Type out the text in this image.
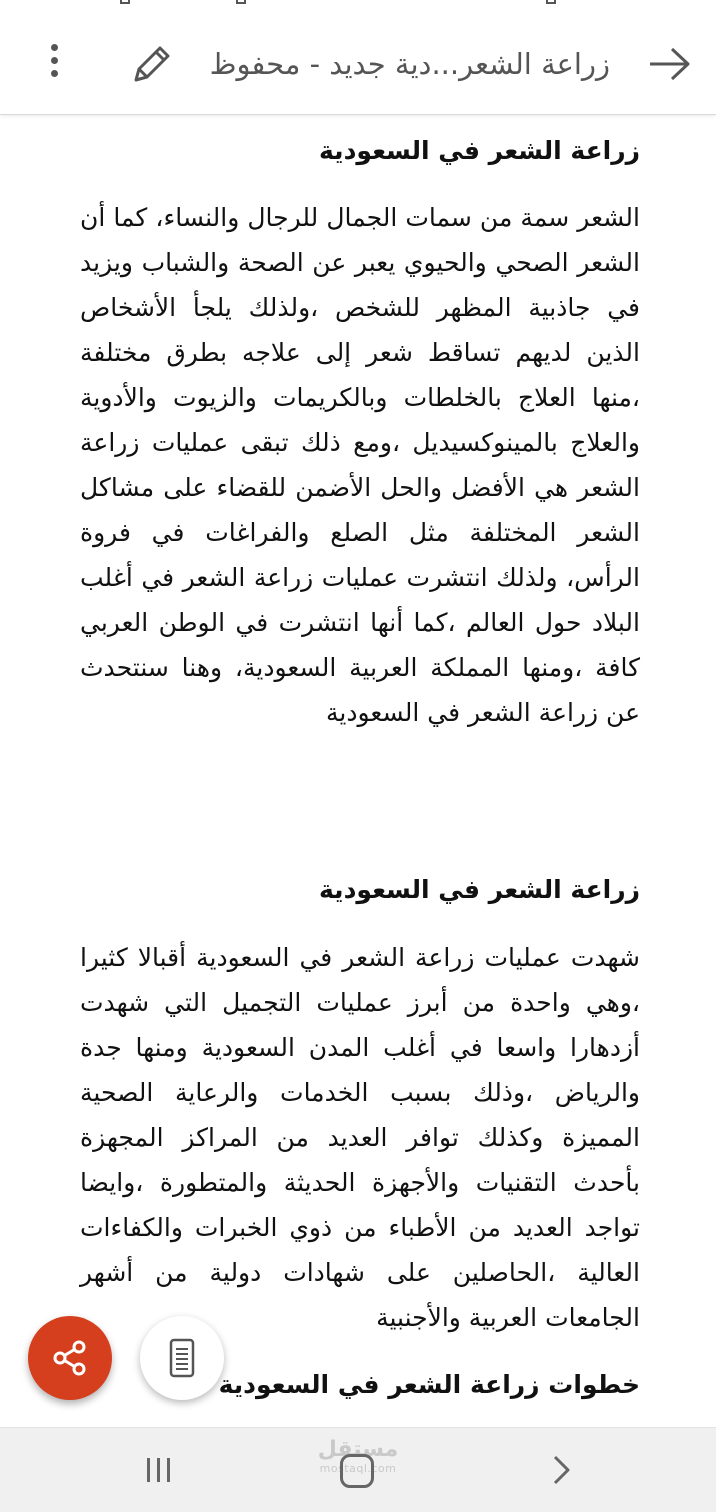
زراعة الشعر...دية جديد - محفوظ

زراعة الشعر في السعودية

الشعر سمة من سمات الجمال للرجال والنساء، كما أن الشعر الصحي والحيوي يعبر عن الصحة والشباب ويزيد في جاذبية المظهر للشخص ،ولذلك يلجأ الأشخاص الذين لديهم تساقط شعر إلى علاجه بطرق مختلفة ،منها العلاج بالخلطات وبالكريمات والزيوت والأدوية والعلاج بالمينوكسيديل ،ومع ذلك تبقى عمليات زراعة الشعر هي الأفضل والحل الأضمن للقضاء على مشاكل الشعر المختلفة مثل الصلع والفراغات في فروة الرأس، ولذلك انتشرت عمليات زراعة الشعر في أغلب البلاد حول العالم ،كما أنها انتشرت في الوطن العربي كافة ،ومنها المملكة العربية السعودية، وهنا سنتحدث عن زراعة الشعر في السعودية

زراعة الشعر في السعودية

شهدت عمليات زراعة الشعر في السعودية أقبالا كثيرا ،وهي واحدة من أبرز عمليات التجميل التي شهدت أزدهارا واسعا في أغلب المدن السعودية ومنها جدة والرياض ،وذلك بسبب الخدمات والرعاية الصحية المميزة وكذلك توافر العديد من المراكز المجهزة بأحدث التقنيات والأجهزة الحديثة والمتطورة ،وايضا تواجد العديد من الأطباء من ذوي الخبرات والكفاءات العالية ،الحاصلين على شهادات دولية من أشهر الجامعات العربية والأجنبية

خطوات زراعة الشعر في السعودية

مستقل
mostaql.com
